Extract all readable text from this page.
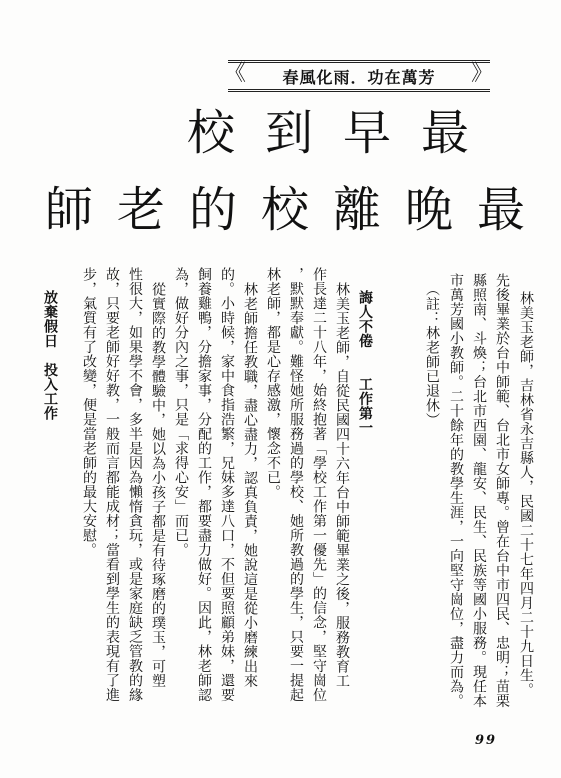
《 春風化雨．功在萬芳 》
最早到校
最晚離校的老師
林美玉老師，吉林省永吉縣人，民國二十七年四月二十九日生。
先後畢業於台中師範、台北市女師專。曾在台中市四民、忠明；苗栗
縣照南、斗煥；台北市西園、龍安、民生、民族等國小服務。現任本
市萬芳國小教師。二十餘年的教學生涯，一向堅守崗位，盡力而為。
（註：林老師已退休）
誨人不倦　　工作第一
林美玉老師，自從民國四十六年台中師範畢業之後，服務教育工
作長達二十八年，始終抱著「學校工作第一優先」的信念，堅守崗位
，默默奉獻。難怪她所服務過的學校、她所教過的學生，只要一提起
林老師，都是心存感激，懷念不已。
林老師擔任教職，盡心盡力，認真負責，她說這是從小磨練出來
的。小時候，家中食指浩繁，兄妹多達八口，不但要照顧弟妹，還要
飼養雞鴨，分擔家事，分配的工作，都要盡力做好。因此，林老師認
為，做好分內之事，只是「求得心安」而已。
從實際的教學體驗中，她以為小孩子都是有待琢磨的璞玉，可塑
性很大，如果學不會，多半是因為懶惰貪玩，或是家庭缺乏管教的緣
故，只要老師好好教，一般而言都能成材；當看到學生的表現有了進
步，氣質有了改變，便是當老師的最大安慰。
放棄假日　投入工作
99
